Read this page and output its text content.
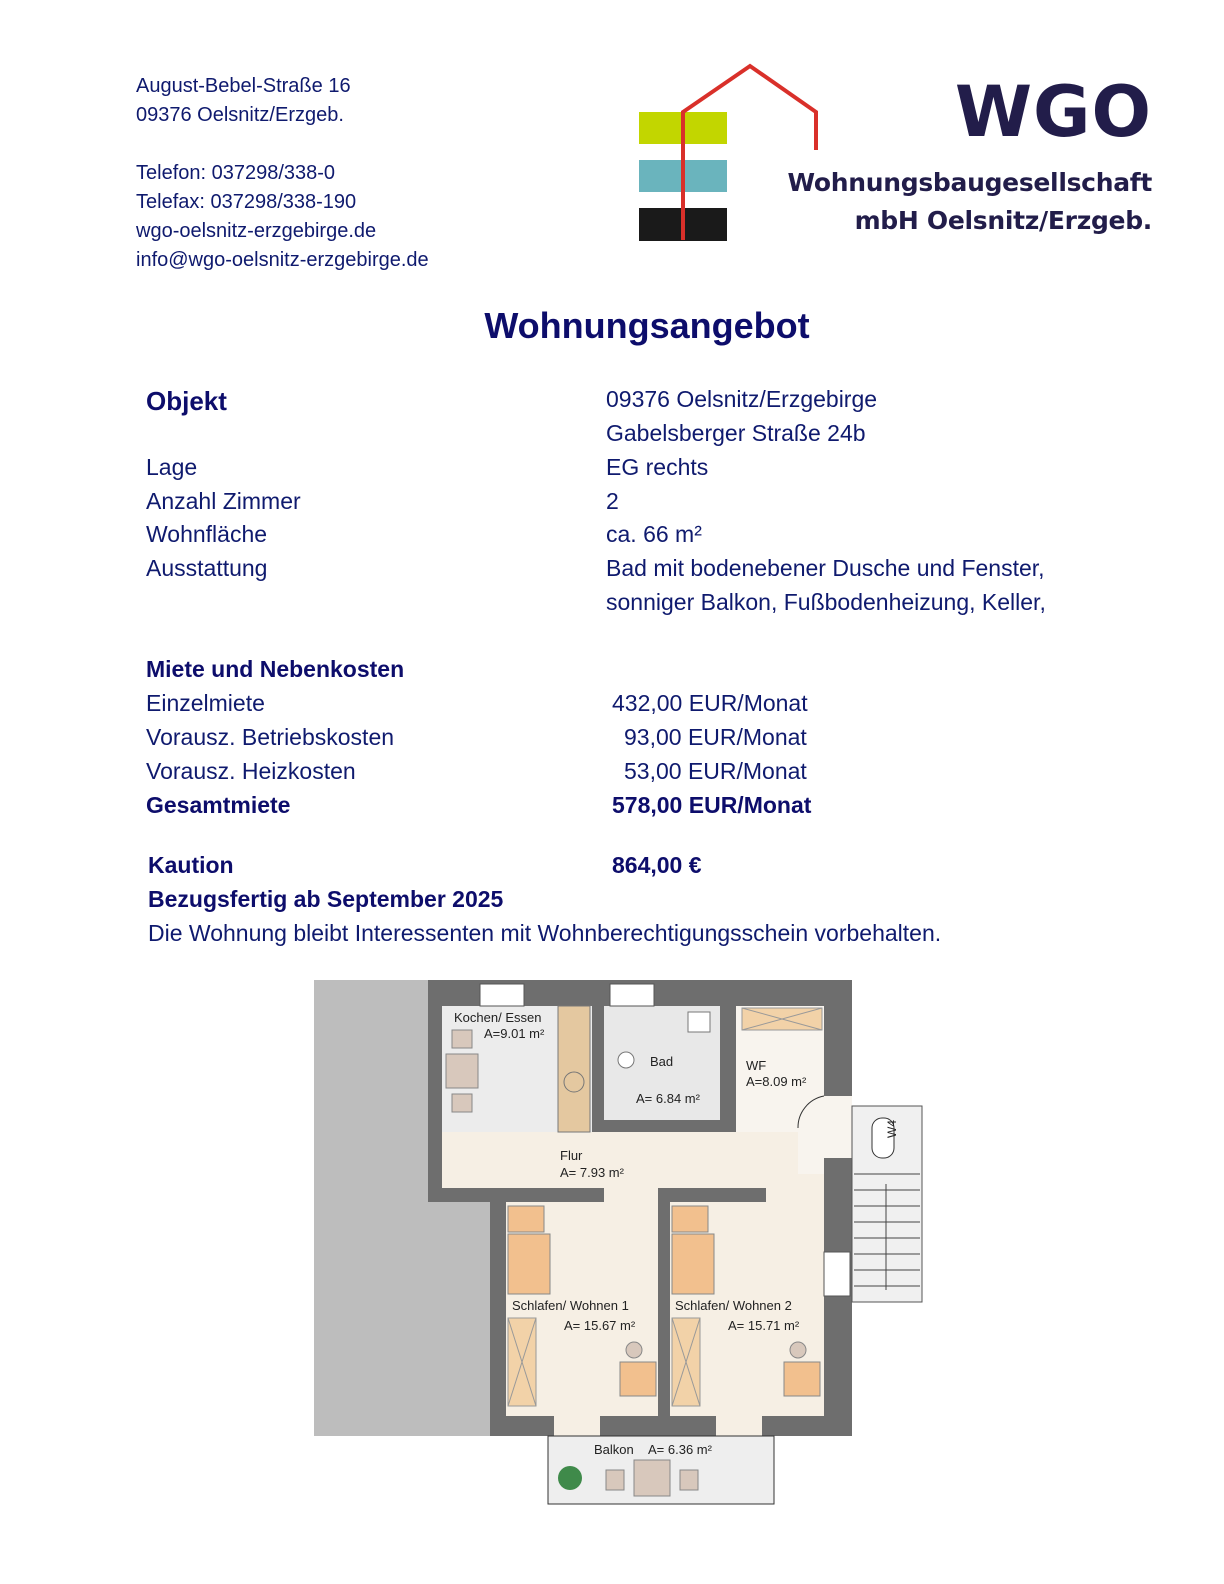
August-Bebel-Straße 16
09376 Oelsnitz/Erzgeb.
Telefon: 037298/338-0
Telefax: 037298/338-190
wgo-oelsnitz-erzgebirge.de
info@wgo-oelsnitz-erzgebirge.de
WGO
Wohnungsbaugesellschaft
mbH Oelsnitz/Erzgeb.
Wohnungsangebot
Objekt	09376 Oelsnitz/Erzgebirge
Gabelsberger Straße 24b
Lage	EG rechts
Anzahl Zimmer	2
Wohnfläche	ca. 66 m²
Ausstattung	Bad mit bodenebener Dusche und Fenster,
sonniger Balkon, Fußbodenheizung, Keller,
Miete und Nebenkosten
Einzelmiete	432,00 EUR/Monat
Vorausz. Betriebskosten	93,00 EUR/Monat
Vorausz. Heizkosten	53,00 EUR/Monat
Gesamtmiete	578,00 EUR/Monat
Kaution	864,00 €
Bezugsfertig ab September 2025
Die Wohnung bleibt Interessenten mit Wohnberechtigungsschein vorbehalten.
Kochen/ Essen
A=9.01 m²
Bad
A= 6.84 m²
WF
A=8.09 m²
Flur
A= 7.93 m²
Schlafen/ Wohnen 1
A= 15.67 m²
Schlafen/ Wohnen 2
A= 15.71 m²
Balkon A= 6.36 m²
W4
